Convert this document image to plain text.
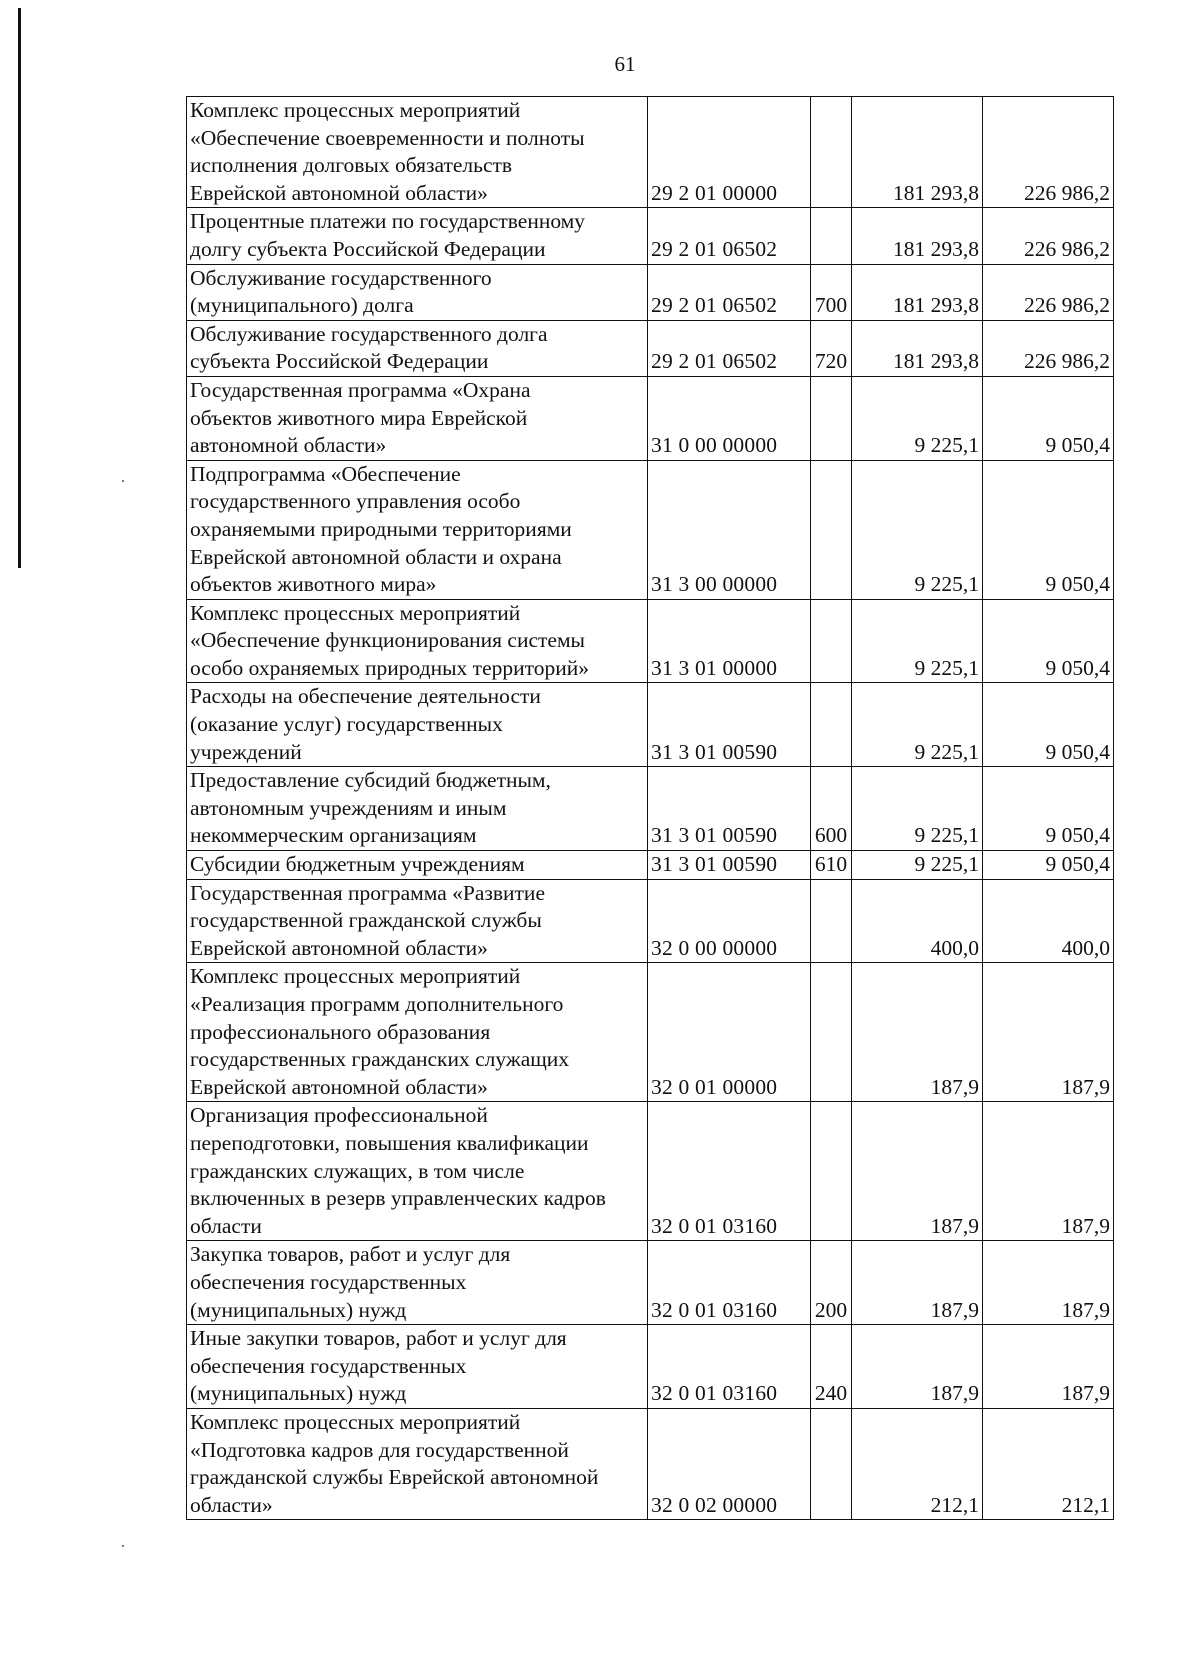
61
Комплекс процессных мероприятий
«Обеспечение своевременности и полноты
исполнения долговых обязательств
Еврейской автономной области»	29 2 01 00000		181 293,8	226 986,2
Процентные платежи по государственному
долгу субъекта Российской Федерации	29 2 01 06502		181 293,8	226 986,2
Обслуживание государственного
(муниципального) долга	29 2 01 06502	700	181 293,8	226 986,2
Обслуживание государственного долга
субъекта Российской Федерации	29 2 01 06502	720	181 293,8	226 986,2
Государственная программа «Охрана
объектов животного мира Еврейской
автономной области»	31 0 00 00000		9 225,1	9 050,4
Подпрограмма «Обеспечение
государственного управления особо
охраняемыми природными территориями
Еврейской автономной области и охрана
объектов животного мира»	31 3 00 00000		9 225,1	9 050,4
Комплекс процессных мероприятий
«Обеспечение функционирования системы
особо охраняемых природных территорий»	31 3 01 00000		9 225,1	9 050,4
Расходы на обеспечение деятельности
(оказание услуг) государственных
учреждений	31 3 01 00590		9 225,1	9 050,4
Предоставление субсидий бюджетным,
автономным учреждениям и иным
некоммерческим организациям	31 3 01 00590	600	9 225,1	9 050,4
Субсидии бюджетным учреждениям	31 3 01 00590	610	9 225,1	9 050,4
Государственная программа «Развитие
государственной гражданской службы
Еврейской автономной области»	32 0 00 00000		400,0	400,0
Комплекс процессных мероприятий
«Реализация программ дополнительного
профессионального образования
государственных гражданских служащих
Еврейской автономной области»	32 0 01 00000		187,9	187,9
Организация профессиональной
переподготовки, повышения квалификации
гражданских служащих, в том числе
включенных в резерв управленческих кадров
области	32 0 01 03160		187,9	187,9
Закупка товаров, работ и услуг для
обеспечения государственных
(муниципальных) нужд	32 0 01 03160	200	187,9	187,9
Иные закупки товаров, работ и услуг для
обеспечения государственных
(муниципальных) нужд	32 0 01 03160	240	187,9	187,9
Комплекс процессных мероприятий
«Подготовка кадров для государственной
гражданской службы Еврейской автономной
области»	32 0 02 00000		212,1	212,1
